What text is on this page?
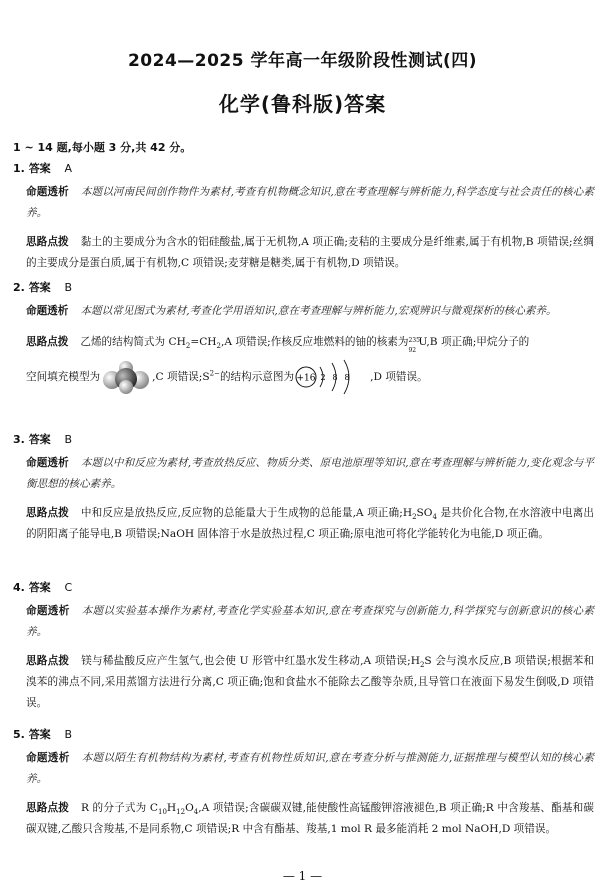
2024—2025 学年高一年级阶段性测试(四)
化学(鲁科版)答案
1 ~ 14 题,每小题 3 分,共 42 分。
1. 答案 A
命题透析 本题以河南民间创作物件为素材,考查有机物概念知识,意在考查理解与辨析能力,科学态度与社会责任的核心素养。
思路点拨 黏土的主要成分为含水的铝硅酸盐,属于无机物,A 项正确;麦秸的主要成分是纤维素,属于有机物,B 项错误;丝绸的主要成分是蛋白质,属于有机物,C 项错误;麦芽糖是糖类,属于有机物,D 项错误。
2. 答案 B
命题透析 本题以常见图式为素材,考查化学用语知识,意在考查理解与辨析能力,宏观辨识与微观探析的核心素养。
思路点拨 乙烯的结构简式为 $CH_2=CH_2,A$ 项错误;作核反应堆燃料的铀的核素为 235
92
U,B 项正确;甲烷分子的
空间填充模型为	,C 项错误$;S^{2-}$的结构示意图为 +16 2 8 8 ,D 项错误。
3. 答案 B
命题透析 本题以中和反应为素材,考查放热反应、物质分类、原电池原理等知识,意在考查理解与辨析能力,变化观念与平衡思想的核心素养。
思路点拨 中和反应是放热反应,反应物的总能量大于生成物的总能量,A 项正确$;H_2SO_4$ 是共价化合物,在水溶液中电离出的阴阳离子能导电,B 项错误;NaOH 固体溶于水是放热过程,C 项正确;原电池可将化学能转化为电能,D 项正确。
4. 答案 C
命题透析 本题以实验基本操作为素材,考查化学实验基本知识,意在考查探究与创新能力,科学探究与创新意识的核心素养。
思路点拨 镁与稀盐酸反应产生氢气,也会使 U 形管中红墨水发生移动,A 项错误$;H_2S$ 会与溴水反应,B 项错误;根据苯和溴苯的沸点不同,采用蒸馏方法进行分离,C 项正确;饱和食盐水不能除去乙酸等杂质,且导管口在液面下易发生倒吸,D 项错误。
5. 答案 B
命题透析 本题以陌生有机物结构为素材,考查有机物性质知识,意在考查分析与推测能力,证据推理与模型认知的核心素养。
思路点拨 R 的分子式为 $C_{10}H_{12}O_4,A$ 项错误;含碳碳双键,能使酸性高锰酸钾溶液褪色,B 项正确;R 中含羧基、酯基和碳碳双键,乙酸只含羧基,不是同系物,C 项错误;R 中含有酯基、羧基,1 mol R 最多能消耗 2 mol NaOH,D 项错误。
— 1 —
